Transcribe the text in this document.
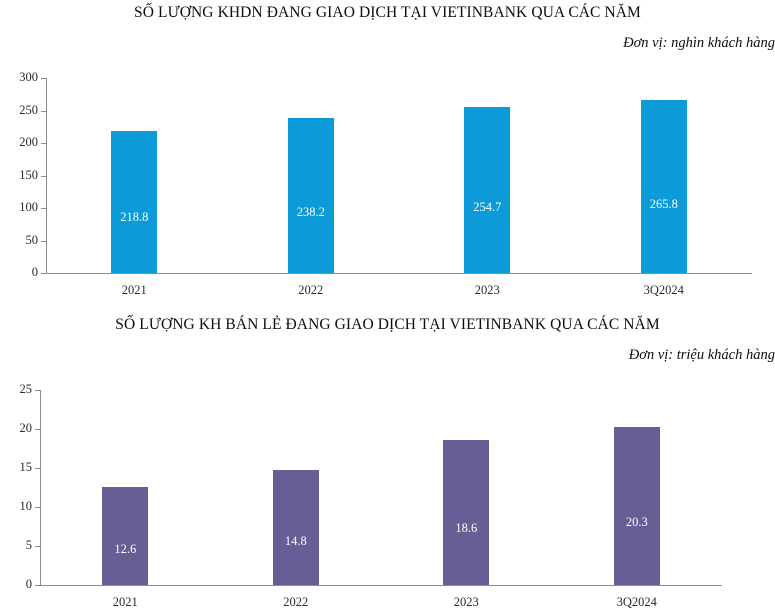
SỐ LƯỢNG KHDN ĐANG GIAO DỊCH TẠI VIETINBANK QUA CÁC NĂM
Đơn vị: nghìn khách hàng
0
50
100
150
200
250
300
218.8
2021
238.2
2022
254.7
2023
265.8
3Q2024
SỐ LƯỢNG KH BÁN LẺ ĐANG GIAO DỊCH TẠI VIETINBANK QUA CÁC NĂM
Đơn vị: triệu khách hàng
0
5
10
15
20
25
12.6
2021
14.8
2022
18.6
2023
20.3
3Q2024
